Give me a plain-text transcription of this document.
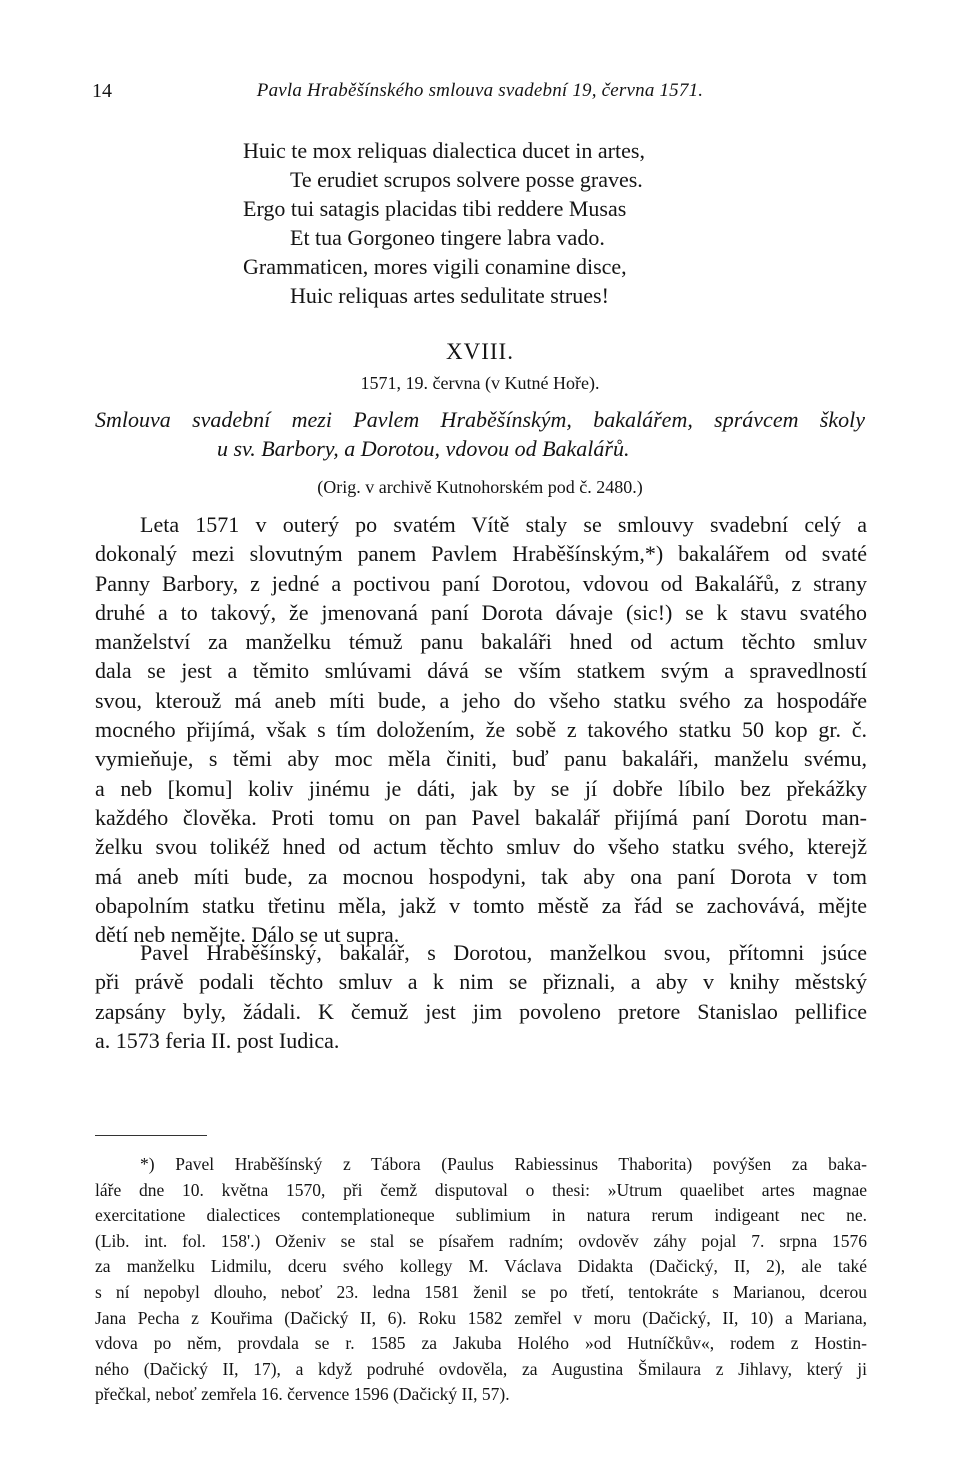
14	Pavla Hraběšínského smlouva svadební 19, června 1571.
Huic te mox reliquas dialectica ducet in artes,
Te erudiet scrupos solvere posse graves.
Ergo tui satagis placidas tibi reddere Musas
Et tua Gorgoneo tingere labra vado.
Grammaticen, mores vigili conamine disce,
Huic reliquas artes sedulitate strues!
XVIII.
1571, 19. června (v Kutné Hoře).
Smlouva svadební mezi Pavlem Hraběšínským, bakalářem, správcem školy
u sv. Barbory, a Dorotou, vdovou od Bakalářů.
(Orig. v archivě Kutnohorském pod č. 2480.)
Leta 1571 v outerý po svatém Vítě staly se smlouvy svadební celý a
dokonalý mezi slovutným panem Pavlem Hraběšínským,*) bakalářem od svaté
Panny Barbory, z jedné a poctivou paní Dorotou, vdovou od Bakalářů, z strany
druhé a to takový, že jmenovaná paní Dorota dávaje (sic!) se k stavu svatého
manželství za manželku témuž panu bakaláři hned od actum těchto smluv
dala se jest a těmito smlúvami dává se vším statkem svým a spravedlností
svou, kterouž má aneb míti bude, a jeho do všeho statku svého za hospodáře
mocného přijímá, však s tím doložením, že sobě z takového statku 50 kop gr. č.
vymieňuje, s těmi aby moc měla činiti, buď panu bakaláři, manželu svému,
a neb [komu] koliv jinému je dáti, jak by se jí dobře líbilo bez překážky
každého člověka. Proti tomu on pan Pavel bakalář přijímá paní Dorotu man-
želku svou tolikéž hned od actum těchto smluv do všeho statku svého, kterejž
má aneb míti bude, za mocnou hospodyni, tak aby ona paní Dorota v tom
obapolním statku třetinu měla, jakž v tomto městě za řád se zachovává, mějte
dětí neb nemějte. Dálo se ut supra.
Pavel Hraběšínský, bakalář, s Dorotou, manželkou svou, přítomni jsúce
při právě podali těchto smluv a k nim se přiznali, a aby v knihy městský
zapsány byly, žádali. K čemuž jest jim povoleno pretore Stanislao pellifice
a. 1573 feria II. post Iudica.
*) Pavel Hraběšínský z Tábora (Paulus Rabiessinus Thaborita) povýšen za baka-
láře dne 10. května 1570, při čemž disputoval o thesi: »Utrum quaelibet artes magnae
exercitatione dialectices contemplationeque sublimium in natura rerum indigeant nec ne.
(Lib. int. fol. 158'.) Oženiv se stal se písařem radním; ovdověv záhy pojal 7. srpna 1576
za manželku Lidmilu, dceru svého kollegy M. Václava Didakta (Dačický, II, 2), ale také
s ní nepobyl dlouho, neboť 23. ledna 1581 ženil se po třetí, tentokráte s Marianou, dcerou
Jana Pecha z Kouřima (Dačický II, 6). Roku 1582 zemřel v moru (Dačický, II, 10) a Mariana,
vdova po něm, provdala se r. 1585 za Jakuba Holého »od Hutníčkův«, rodem z Hostin-
ného (Dačický II, 17), a když podruhé ovdověla, za Augustina Šmilaura z Jihlavy, který ji
přečkal, neboť zemřela 16. července 1596 (Dačický II, 57).
